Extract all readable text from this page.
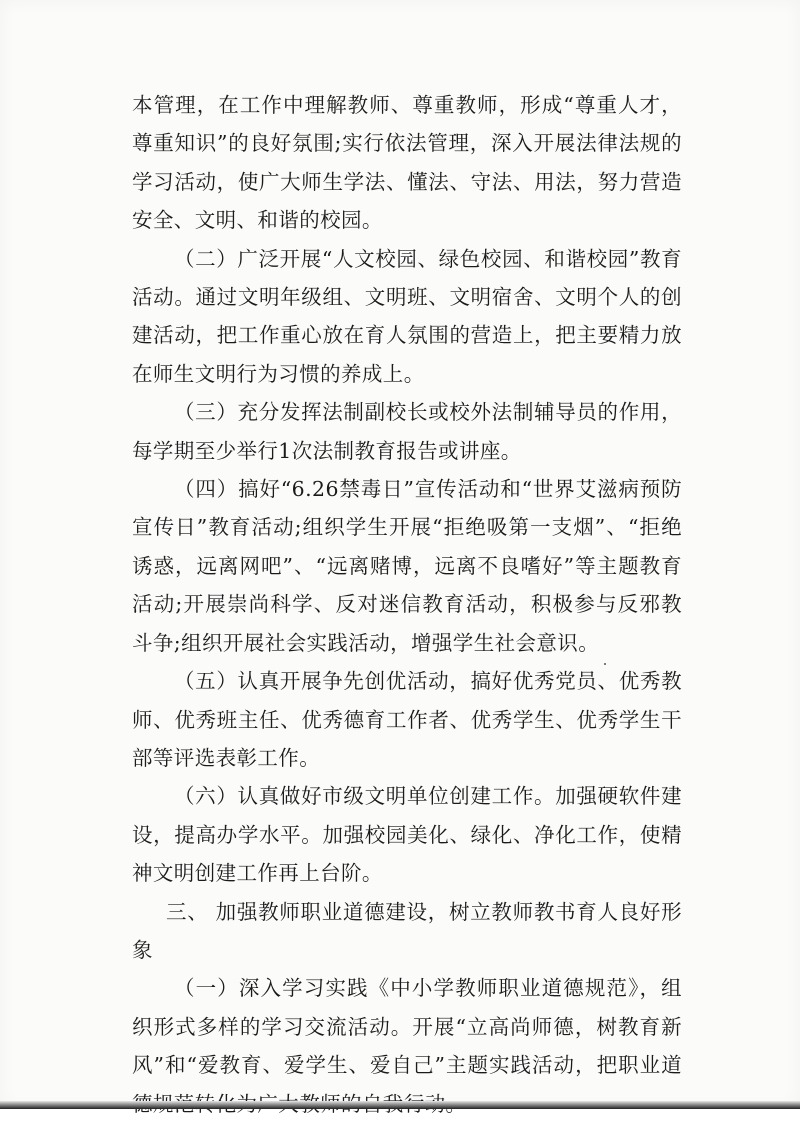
本管理，在工作中理解教师、尊重教师，形成“尊重人才，尊重知识”的良好氛围;实行依法管理，深入开展法律法规的学习活动，使广大师生学法、懂法、守法、用法，努力营造安全、文明、和谐的校园。

（二）广泛开展“人文校园、绿色校园、和谐校园”教育活动。通过文明年级组、文明班、文明宿舍、文明个人的创建活动，把工作重心放在育人氛围的营造上，把主要精力放在师生文明行为习惯的养成上。

（三）充分发挥法制副校长或校外法制辅导员的作用，每学期至少举行1次法制教育报告或讲座。

（四）搞好“6.26禁毒日”宣传活动和“世界艾滋病预防宣传日”教育活动;组织学生开展“拒绝吸第一支烟”、“拒绝诱惑，远离网吧”、“远离赌博，远离不良嗜好”等主题教育活动;开展崇尚科学、反对迷信教育活动，积极参与反邪教斗争;组织开展社会实践活动，增强学生社会意识。

（五）认真开展争先创优活动，搞好优秀党员、优秀教师、优秀班主任、优秀德育工作者、优秀学生、优秀学生干部等评选表彰工作。

（六）认真做好市级文明单位创建工作。加强硬软件建设，提高办学水平。加强校园美化、绿化、净化工作，使精神文明创建工作再上台阶。

三、 加强教师职业道德建设，树立教师教书育人良好形象

（一）深入学习实践《中小学教师职业道德规范》，组织形式多样的学习交流活动。开展“立高尚师德，树教育新风”和“爱教育、爱学生、爱自己”主题实践活动，把职业道
